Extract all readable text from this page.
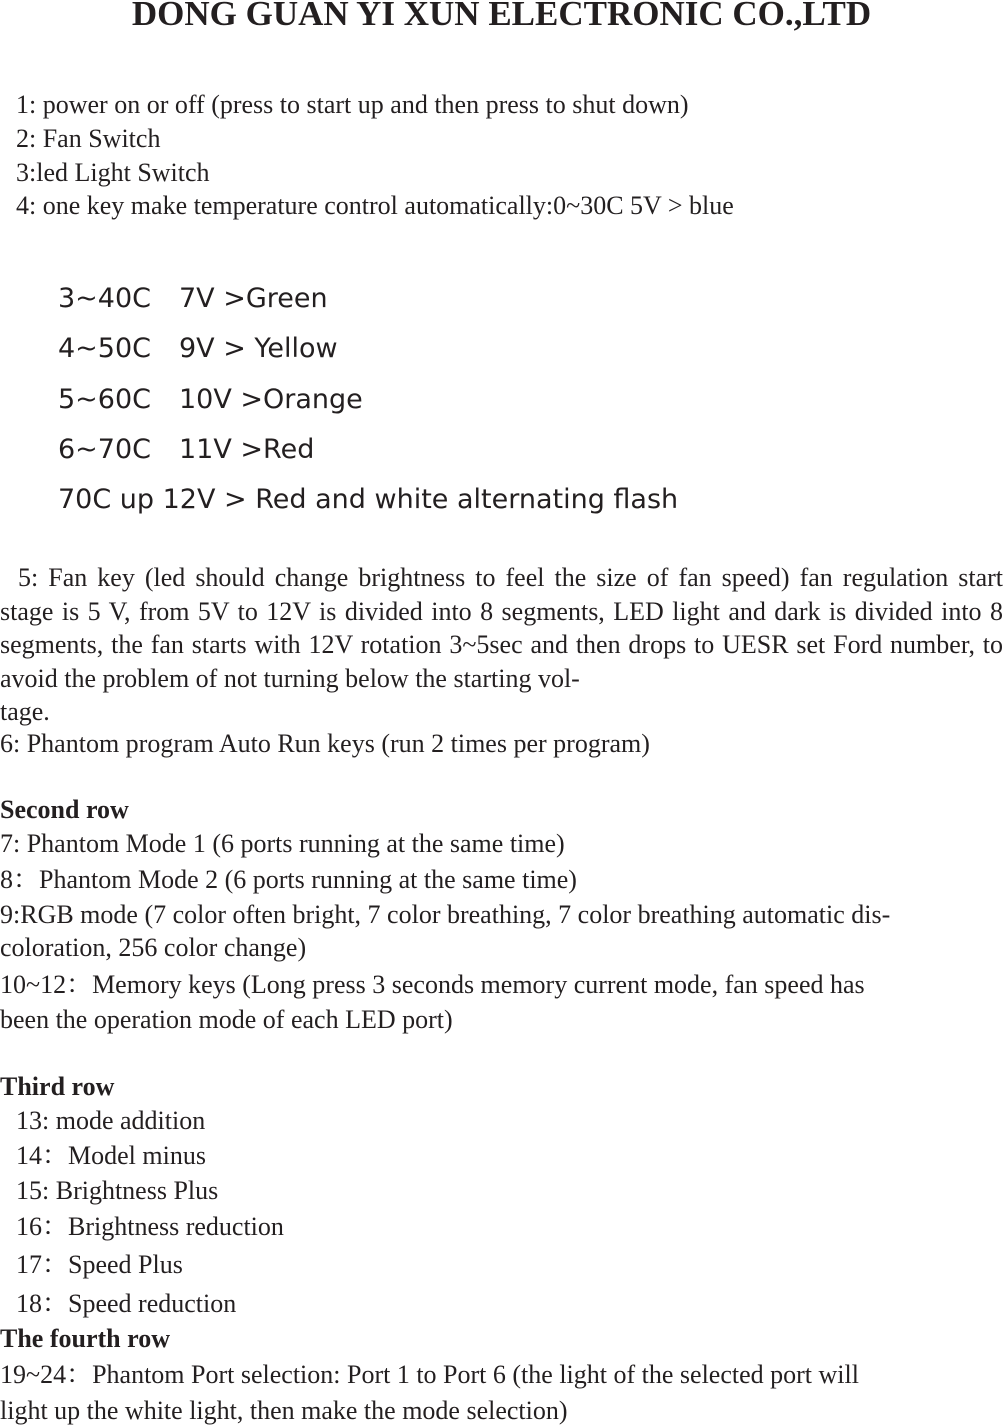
DONG GUAN YI XUN ELECTRONIC CO.,LTD
1: power on or off (press to start up and then press to shut down)
2: Fan Switch
3:led Light Switch
4: one key make temperature control automatically:0~30C 5V > blue
3~40C 7V >Green
4~50C 9V > Yellow
5~60C 10V >Orange
6~70C 11V >Red
70C up 12V > Red and white alternating flash
5: Fan key (led should change brightness to feel the size of fan speed) fan regulation start stage is 5 V, from 5V to 12V is divided into 8 segments, LED light and dark is divided into 8 segments, the fan starts with 12V rotation 3~5sec and then drops to UESR set Ford number, to avoid the problem of not turning below the starting vol-
tage.
6: Phantom program Auto Run keys (run 2 times per program)
Second row
7: Phantom Mode 1 (6 ports running at the same time)
8：Phantom Mode 2 (6 ports running at the same time)
9:RGB mode (7 color often bright, 7 color breathing, 7 color breathing automatic dis-
coloration, 256 color change)
10~12：Memory keys (Long press 3 seconds memory current mode, fan speed has
been the operation mode of each LED port)
Third row
13: mode addition
14：Model minus
15: Brightness Plus
16：Brightness reduction
17：Speed Plus
18：Speed reduction
The fourth row
19~24：Phantom Port selection: Port 1 to Port 6 (the light of the selected port will
light up the white light, then make the mode selection)
